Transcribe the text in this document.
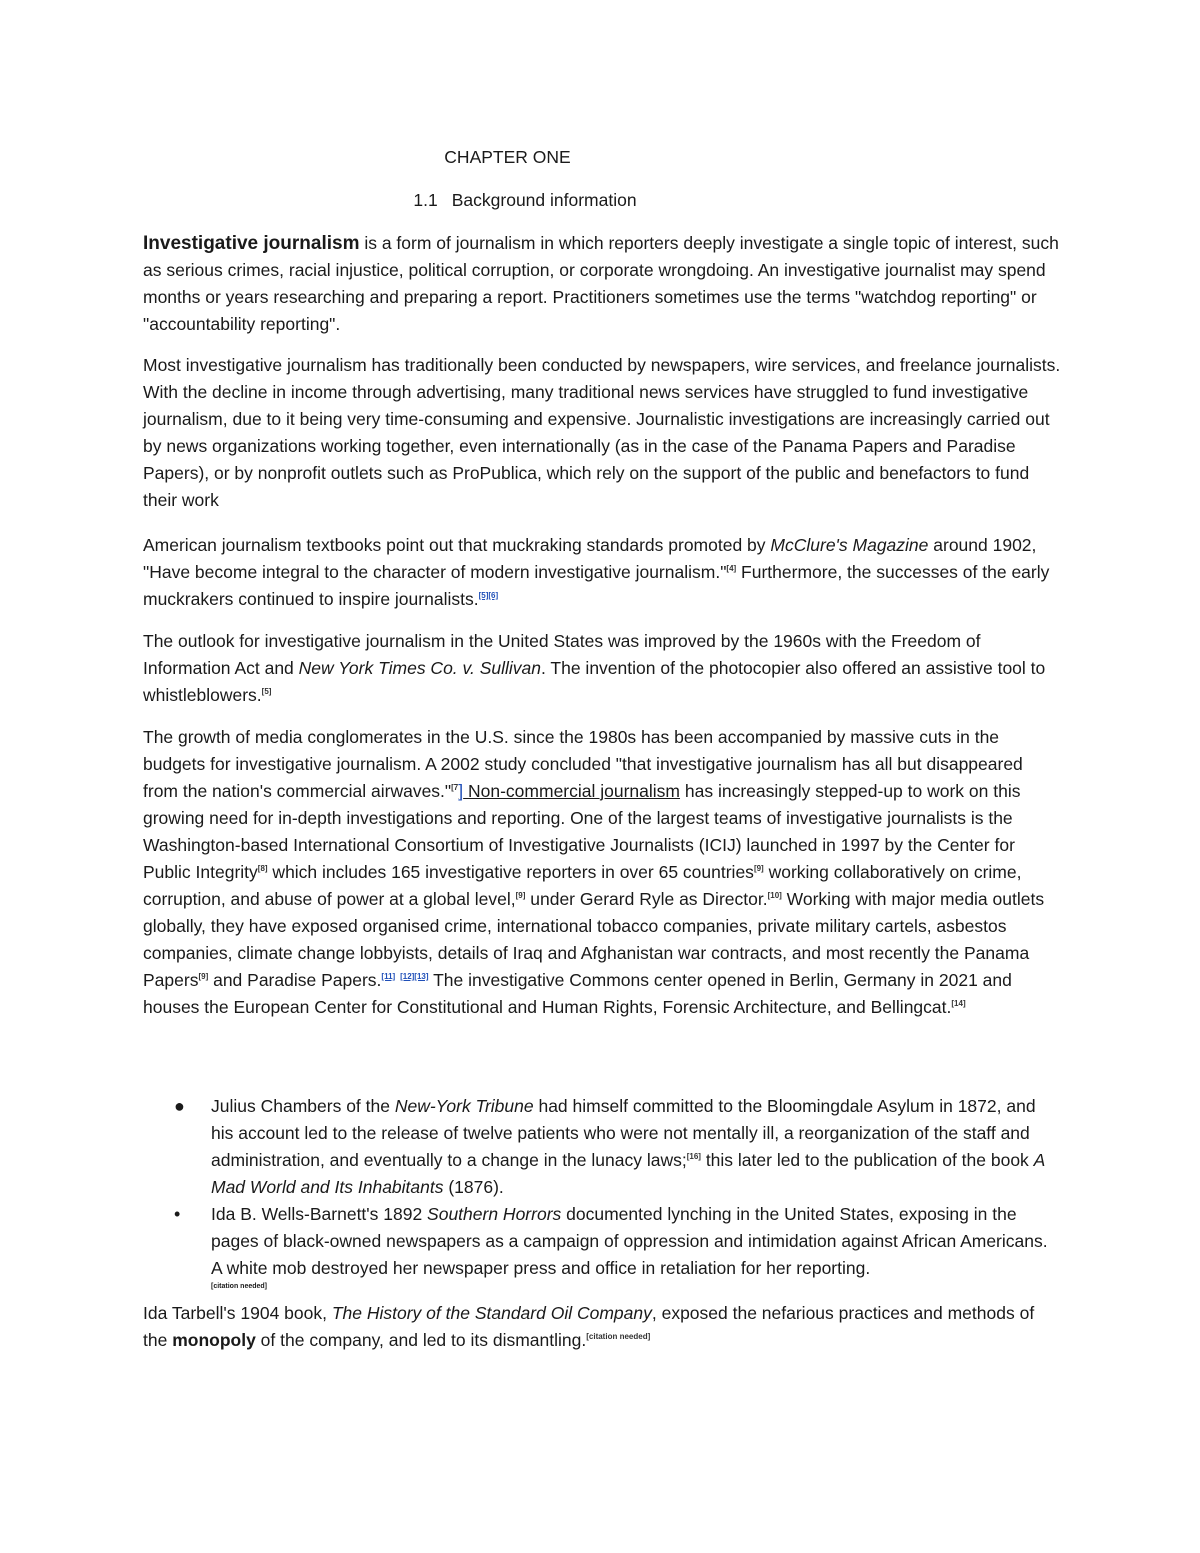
CHAPTER ONE
1.1 Background information

Investigative journalism is a form of journalism in which reporters deeply investigate a single topic of interest, such as serious crimes, racial injustice, political corruption, or corporate wrongdoing. An investigative journalist may spend months or years researching and preparing a report. Practitioners sometimes use the terms "watchdog reporting" or "accountability reporting".

Most investigative journalism has traditionally been conducted by newspapers, wire services, and freelance journalists. With the decline in income through advertising, many traditional news services have struggled to fund investigative journalism, due to it being very time-consuming and expensive. Journalistic investigations are increasingly carried out by news organizations working together, even internationally (as in the case of the Panama Papers and Paradise Papers), or by nonprofit outlets such as ProPublica, which rely on the support of the public and benefactors to fund their work

American journalism textbooks point out that muckraking standards promoted by McClure's Magazine around 1902, "Have become integral to the character of modern investigative journalism."[4] Furthermore, the successes of the early muckrakers continued to inspire journalists.[5][6]

The outlook for investigative journalism in the United States was improved by the 1960s with the Freedom of Information Act and New York Times Co. v. Sullivan. The invention of the photocopier also offered an assistive tool to whistleblowers.[5]

The growth of media conglomerates in the U.S. since the 1980s has been accompanied by massive cuts in the budgets for investigative journalism. A 2002 study concluded "that investigative journalism has all but disappeared from the nation's commercial airwaves."$^{[7}$] Non-commercial journalism has increasingly stepped-up to work on this growing need for in-depth investigations and reporting. One of the largest teams of investigative journalists is the Washington-based International Consortium of Investigative Journalists (ICIJ) launched in 1997 by the Center for Public Integrity[8] which includes 165 investigative reporters in over 65 countries[9] working collaboratively on crime, corruption, and abuse of power at a global level,[9] under Gerard Ryle as Director.[10] Working with major media outlets globally, they have exposed organised crime, international tobacco companies, private military cartels, asbestos companies, climate change lobbyists, details of Iraq and Afghanistan war contracts, and most recently the Panama Papers[9] and Paradise Papers.[11] [12][13] The investigative Commons center opened in Berlin, Germany in 2021 and houses the European Center for Constitutional and Human Rights, Forensic Architecture, and Bellingcat.[14]

● Julius Chambers of the New-York Tribune had himself committed to the Bloomingdale Asylum in 1872, and his account led to the release of twelve patients who were not mentally ill, a reorganization of the staff and administration, and eventually to a change in the lunacy laws;[16] this later led to the publication of the book A Mad World and Its Inhabitants (1876).
• Ida B. Wells-Barnett's 1892 Southern Horrors documented lynching in the United States, exposing in the pages of black-owned newspapers as a campaign of oppression and intimidation against African Americans. A white mob destroyed her newspaper press and office in retaliation for her reporting.
[citation needed]

Ida Tarbell's 1904 book, The History of the Standard Oil Company, exposed the nefarious practices and methods of the monopoly of the company, and led to its dismantling.[citation needed]
